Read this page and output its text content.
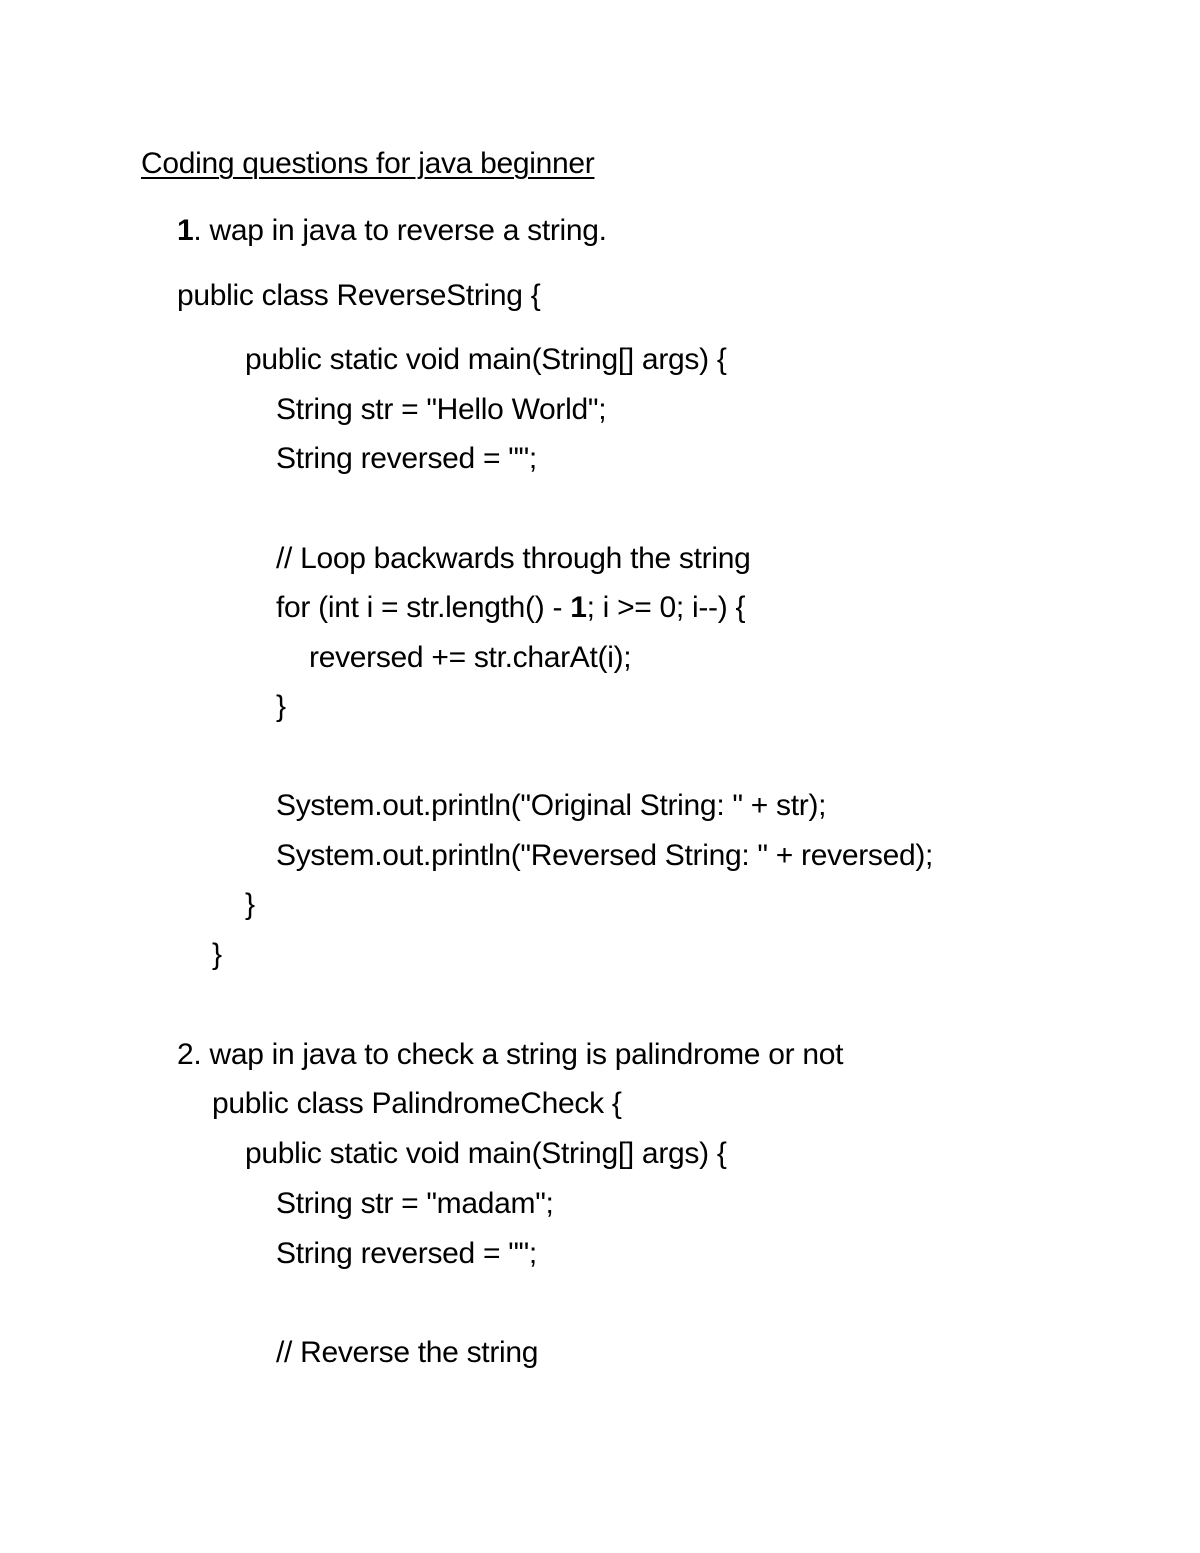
Coding questions for java beginner
1. wap in java to reverse a string.
public class ReverseString {
public static void main(String[] args) {
String str = "Hello World";
String reversed = "";
// Loop backwards through the string
for (int i = str.length() - 1; i >= 0; i--) {
reversed += str.charAt(i);
}
System.out.println("Original String: " + str);
System.out.println("Reversed String: " + reversed);
}
}
2. wap in java to check a string is palindrome or not
public class PalindromeCheck {
public static void main(String[] args) {
String str = "madam";
String reversed = "";
// Reverse the string
